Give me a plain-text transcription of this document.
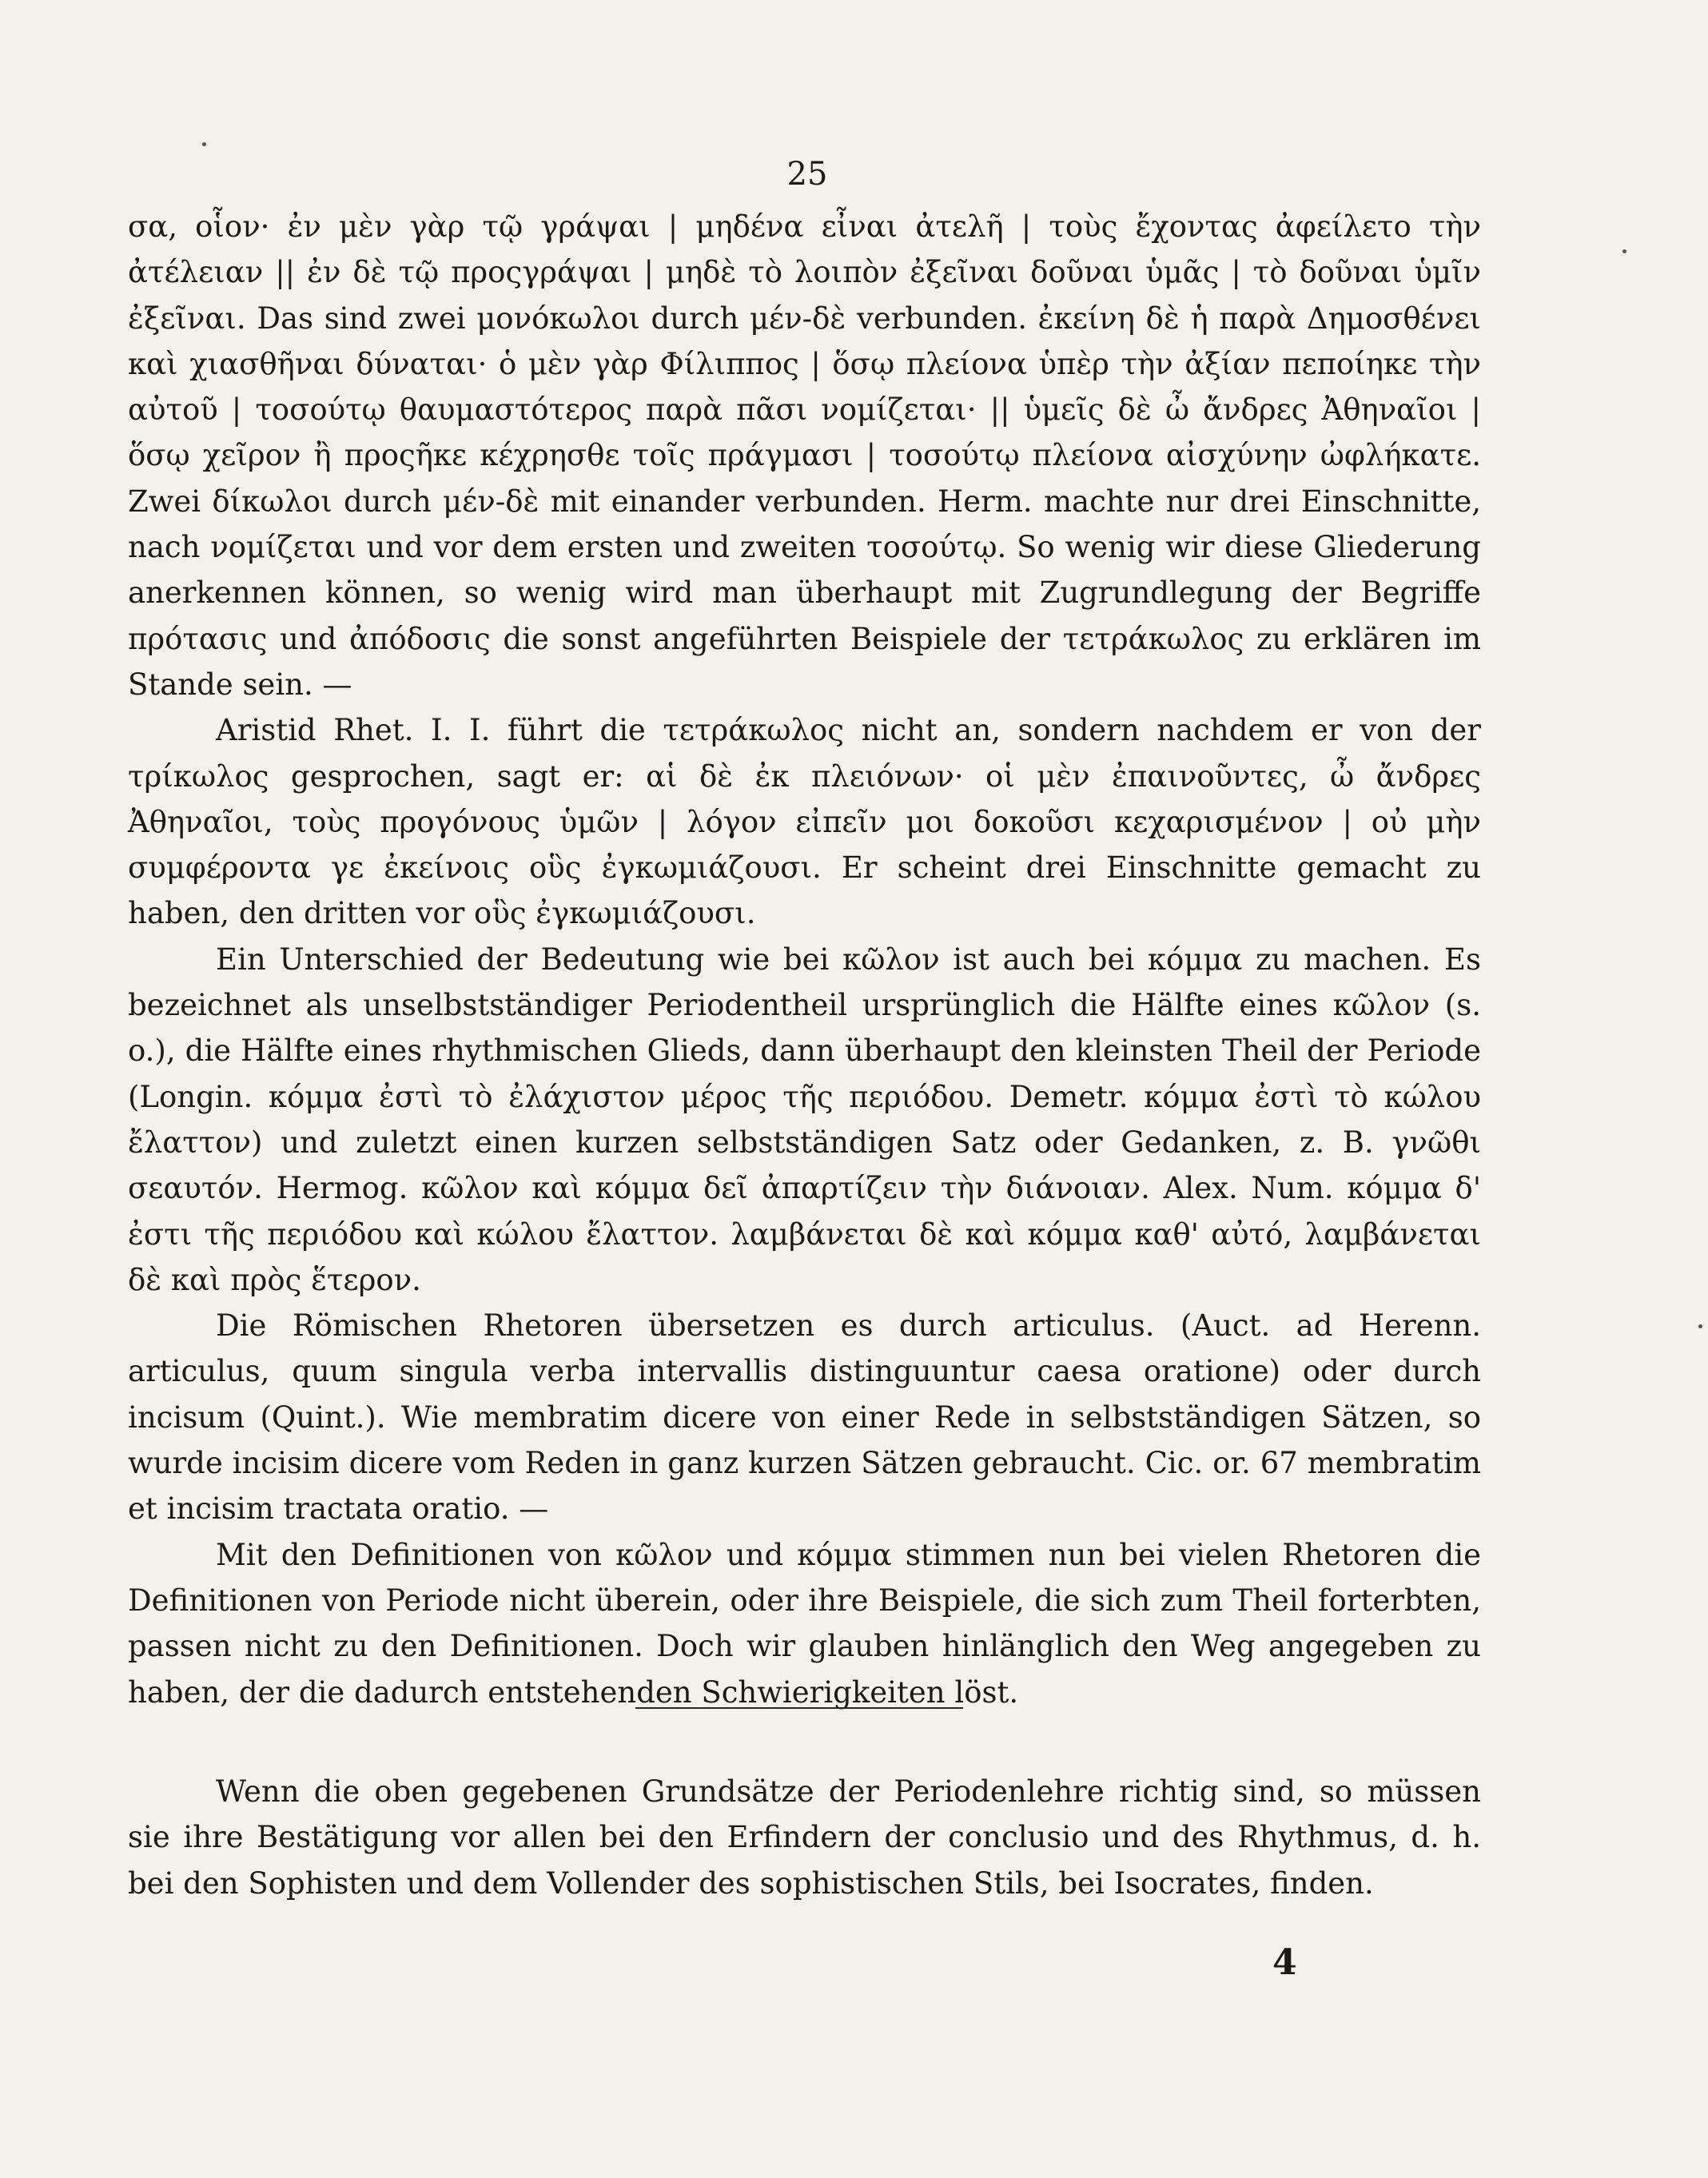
25

σα, οἷον· ἐν μὲν γὰρ τῷ γράψαι | μηδένα εἶναι ἀτελῆ | τοὺς ἔχοντας ἀφείλετο τὴν ἀτέλειαν || ἐν δὲ τῷ προςγράψαι | μηδὲ τὸ λοιπὸν ἐξεῖναι δοῦναι ὑμᾶς | τὸ δοῦναι ὑμῖν ἐξεῖναι. Das sind zwei μονόκωλοι durch μέν-δὲ verbunden. ἐκείνη δὲ ἡ παρὰ Δημοσθένει καὶ χιασθῆναι δύναται· ὁ μὲν γὰρ Φίλιππος | ὅσῳ πλείονα ὑπὲρ τὴν ἀξίαν πεποίηκε τὴν αὐτοῦ | τοσούτῳ θαυμαστότερος παρὰ πᾶσι νομίζεται· || ὑμεῖς δὲ ὦ ἄνδρες Ἀθηναῖοι | ὅσῳ χεῖρον ἢ προςῆκε κέχρησθε τοῖς πράγμασι | τοσούτῳ πλείονα αἰσχύνην ὠφλήκατε. Zwei δίκωλοι durch μέν-δὲ mit einander verbunden. Herm. machte nur drei Einschnitte, nach νομίζεται und vor dem ersten und zweiten τοσούτῳ. So wenig wir diese Gliederung anerkennen können, so wenig wird man überhaupt mit Zugrundlegung der Begriffe πρότασις und ἀπόδοσις die sonst angeführten Beispiele der τετράκωλος zu erklären im Stande sein. —

Aristid Rhet. I. I. führt die τετράκωλος nicht an, sondern nachdem er von der τρίκωλος gesprochen, sagt er: αἱ δὲ ἐκ πλειόνων· οἱ μὲν ἐπαινοῦντες, ὦ ἄνδρες Ἀθηναῖοι, τοὺς προγόνους ὑμῶν | λόγον εἰπεῖν μοι δοκοῦσι κεχαρισμένον | οὐ μὴν συμφέροντα γε ἐκείνοις οὓς ἐγκωμιάζουσι. Er scheint drei Einschnitte gemacht zu haben, den dritten vor οὓς ἐγκωμιάζουσι.

Ein Unterschied der Bedeutung wie bei κῶλον ist auch bei κόμμα zu machen. Es bezeichnet als unselbstständiger Periodentheil ursprünglich die Hälfte eines κῶλον (s. o.), die Hälfte eines rhythmischen Glieds, dann überhaupt den kleinsten Theil der Periode (Longin. κόμμα ἐστὶ τὸ ἐλάχιστον μέρος τῆς περιόδου. Demetr. κόμμα ἐστὶ τὸ κώλου ἔλαττον) und zuletzt einen kurzen selbstständigen Satz oder Gedanken, z. B. γνῶθι σεαυτόν. Hermog. κῶλον καὶ κόμμα δεῖ ἀπαρτίζειν τὴν διάνοιαν. Alex. Num. κόμμα δ' ἐστι τῆς περιόδου καὶ κώλου ἔλαττον. λαμβάνεται δὲ καὶ κόμμα καθ' αὐτό, λαμβάνεται δὲ καὶ πρὸς ἕτερον.

Die Römischen Rhetoren übersetzen es durch articulus. (Auct. ad Herenn. articulus, quum singula verba intervallis distinguuntur caesa oratione) oder durch incisum (Quint.). Wie membratim dicere von einer Rede in selbstständigen Sätzen, so wurde incisim dicere vom Reden in ganz kurzen Sätzen gebraucht. Cic. or. 67 membratim et incisim tractata oratio. —

Mit den Definitionen von κῶλον und κόμμα stimmen nun bei vielen Rhetoren die Definitionen von Periode nicht überein, oder ihre Beispiele, die sich zum Theil forterbten, passen nicht zu den Definitionen. Doch wir glauben hinlänglich den Weg angegeben zu haben, der die dadurch entstehenden Schwierigkeiten löst.

Wenn die oben gegebenen Grundsätze der Periodenlehre richtig sind, so müssen sie ihre Bestätigung vor allen bei den Erfindern der conclusio und des Rhythmus, d. h. bei den Sophisten und dem Vollender des sophistischen Stils, bei Isocrates, finden.

4
